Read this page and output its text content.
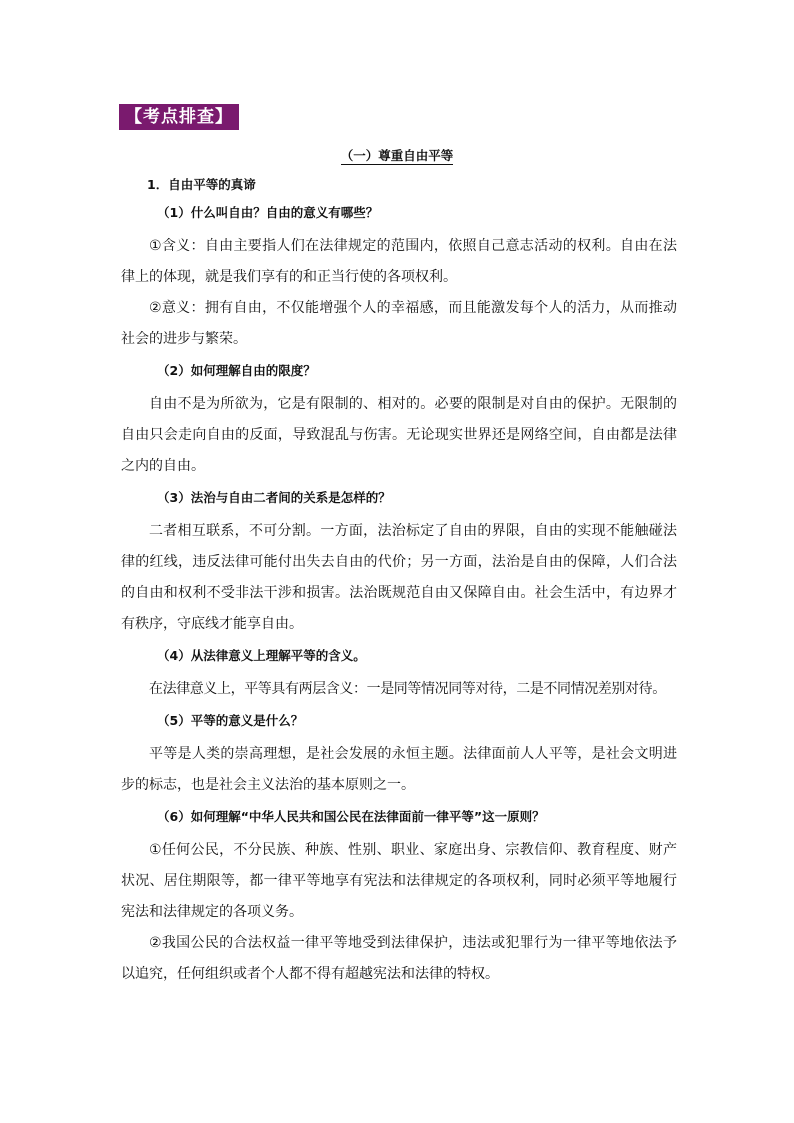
【考点排查】
（一）尊重自由平等
1．自由平等的真谛
（1）什么叫自由？自由的意义有哪些？
①含义：自由主要指人们在法律规定的范围内，依照自己意志活动的权利。自由在法律上的体现，就是我们享有的和正当行使的各项权利。
②意义：拥有自由，不仅能增强个人的幸福感，而且能激发每个人的活力，从而推动社会的进步与繁荣。
（2）如何理解自由的限度？
自由不是为所欲为，它是有限制的、相对的。必要的限制是对自由的保护。无限制的自由只会走向自由的反面，导致混乱与伤害。无论现实世界还是网络空间，自由都是法律之内的自由。
（3）法治与自由二者间的关系是怎样的？
二者相互联系，不可分割。一方面，法治标定了自由的界限，自由的实现不能触碰法律的红线，违反法律可能付出失去自由的代价；另一方面，法治是自由的保障，人们合法的自由和权利不受非法干涉和损害。法治既规范自由又保障自由。社会生活中，有边界才有秩序，守底线才能享自由。
（4）从法律意义上理解平等的含义。
在法律意义上，平等具有两层含义：一是同等情况同等对待，二是不同情况差别对待。
（5）平等的意义是什么？
平等是人类的崇高理想，是社会发展的永恒主题。法律面前人人平等，是社会文明进步的标志，也是社会主义法治的基本原则之一。
（6）如何理解“中华人民共和国公民在法律面前一律平等”这一原则？
①任何公民，不分民族、种族、性别、职业、家庭出身、宗教信仰、教育程度、财产状况、居住期限等，都一律平等地享有宪法和法律规定的各项权利，同时必须平等地履行宪法和法律规定的各项义务。
②我国公民的合法权益一律平等地受到法律保护，违法或犯罪行为一律平等地依法予以追究，任何组织或者个人都不得有超越宪法和法律的特权。
